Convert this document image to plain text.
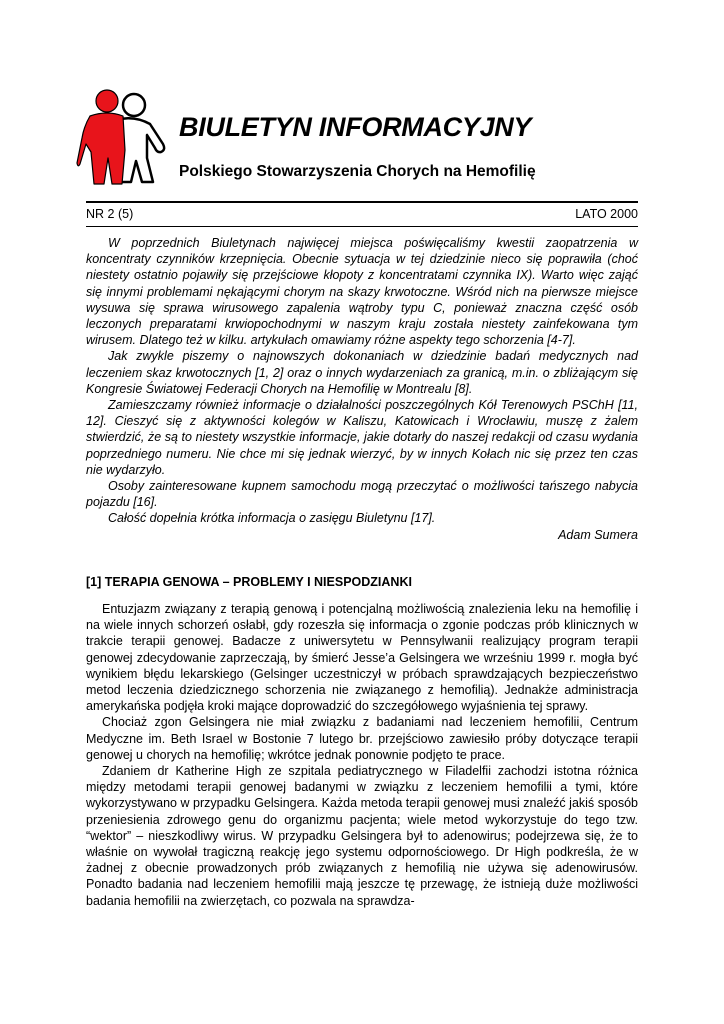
BIULETYN INFORMACYJNY
Polskiego Stowarzyszenia Chorych na Hemofilię
NR 2 (5)	LATO 2000

W poprzednich Biuletynach najwięcej miejsca poświęcaliśmy kwestii zaopatrzenia w koncentraty czynników krzepnięcia. Obecnie sytuacja w tej dziedzinie nieco się poprawiła (choć niestety ostatnio pojawiły się przejściowe kłopoty z koncentratami czynnika IX). Warto więc zająć się innymi problemami nękającymi chorym na skazy krwotoczne. Wśród nich na pierwsze miejsce wysuwa się sprawa wirusowego zapalenia wątroby typu C, ponieważ znaczna część osób leczonych preparatami krwiopochodnymi w naszym kraju została niestety zainfekowana tym wirusem. Dlatego też w kilku. artykułach omawiamy różne aspekty tego schorzenia [4-7].

Jak zwykle piszemy o najnowszych dokonaniach w dziedzinie badań medycznych nad leczeniem skaz krwotocznych [1, 2] oraz o innych wydarzeniach za granicą, m.in. o zbliżającym się Kongresie Światowej Federacji Chorych na Hemofilię w Montrealu [8].

Zamieszczamy również informacje o działalności poszczególnych Kół Terenowych PSChH [11, 12]. Cieszyć się z aktywności kolegów w Kaliszu, Katowicach i Wrocławiu, muszę z żalem stwierdzić, że są to niestety wszystkie informacje, jakie dotarły do naszej redakcji od czasu wydania poprzedniego numeru. Nie chce mi się jednak wierzyć, by w innych Kołach nic się przez ten czas nie wydarzyło.

Osoby zainteresowane kupnem samochodu mogą przeczytać o możliwości tańszego nabycia pojazdu [16].

Całość dopełnia krótka informacja o zasięgu Biuletynu [17].

Adam Sumera

[1] TERAPIA GENOWA – PROBLEMY I NIESPODZIANKI

Entuzjazm związany z terapią genową i potencjalną możliwością znalezienia leku na hemofilię i na wiele innych schorzeń osłabł, gdy rozeszła się informacja o zgonie podczas prób klinicznych w trakcie terapii genowej. Badacze z uniwersytetu w Pennsylwanii realizujący program terapii genowej zdecydowanie zaprzeczają, by śmierć Jesse’a Gelsingera we wrześniu 1999 r. mogła być wynikiem błędu lekarskiego (Gelsinger uczestniczył w próbach sprawdzających bezpieczeństwo metod leczenia dziedzicznego schorzenia nie związanego z hemofilią). Jednakże administracja amerykańska podjęła kroki mające doprowadzić do szczegółowego wyjaśnienia tej sprawy.

Chociaż zgon Gelsingera nie miał związku z badaniami nad leczeniem hemofilii, Centrum Medyczne im. Beth Israel w Bostonie 7 lutego br. przejściowo zawiesiło próby dotyczące terapii genowej u chorych na hemofilię; wkrótce jednak ponownie podjęto te prace.

Zdaniem dr Katherine High ze szpitala pediatrycznego w Filadelfii zachodzi istotna różnica między metodami terapii genowej badanymi w związku z leczeniem hemofilii a tymi, które wykorzystywano w przypadku Gelsingera. Każda metoda terapii genowej musi znaleźć jakiś sposób przeniesienia zdrowego genu do organizmu pacjenta; wiele metod wykorzystuje do tego tzw. “wektor” – nieszkodliwy wirus. W przypadku Gelsingera był to adenowirus; podejrzewa się, że to właśnie on wywołał tragiczną reakcję jego systemu odpornościowego. Dr High podkreśla, że w żadnej z obecnie prowadzonych prób związanych z hemofilią nie używa się adenowirusów. Ponadto badania nad leczeniem hemofilii mają jeszcze tę przewagę, że istnieją duże możliwości badania hemofilii na zwierzętach, co pozwala na sprawdza-
